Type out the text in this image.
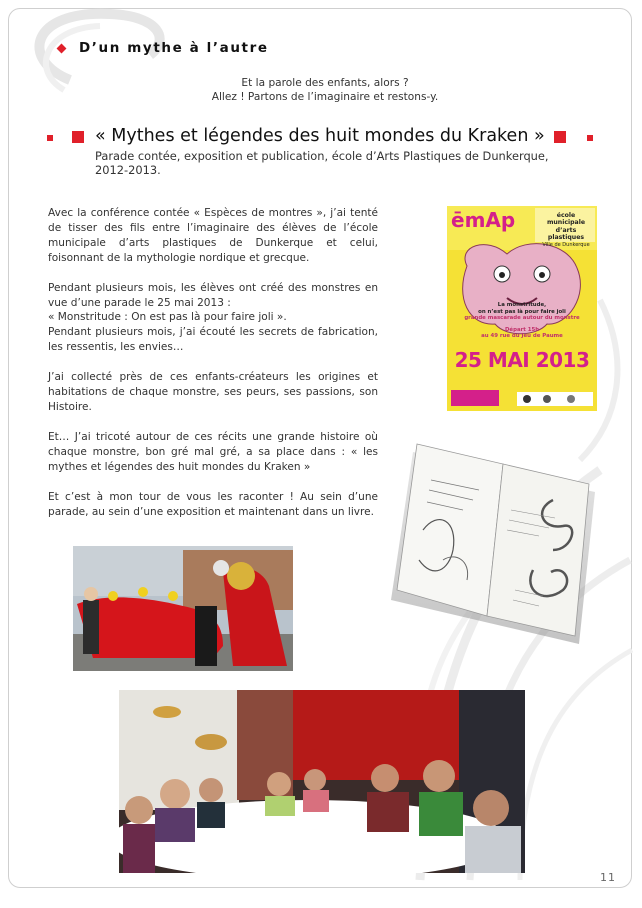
D’un mythe à l’autre
Et la parole des enfants, alors ?
Allez ! Partons de l’imaginaire et restons-y.
« Mythes et légendes des huit mondes du Kraken »
Parade contée, exposition et publication, école d’Arts Plastiques de Dunkerque,
2012-2013.

Avec la conférence contée « Espèces de montres », j’ai tenté de tisser des fils entre l’imaginaire des élèves de l’école municipale d’arts plastiques de Dunkerque et celui, foisonnant de la mythologie nordique et grecque.

Pendant plusieurs mois, les élèves ont créé des monstres en vue d’une parade le 25 mai 2013 :
« Monstritude : On est pas là pour faire joli ».
Pendant plusieurs mois, j’ai écouté les secrets de fabrication, les ressentis, les envies…

J’ai collecté près de ces enfants-créateurs les origines et habitations de chaque monstre, ses peurs, ses passions, son Histoire.

Et… J’ai tricoté autour de ces récits une grande histoire où chaque monstre, bon gré mal gré, a sa place dans : « les mythes et légendes des huit mondes du Kraken »

Et c’est à mon tour de vous les raconter ! Au sein d’une parade, au sein d’une exposition et maintenant dans un livre.

ēmAp	école municipale
d’arts plastiques
Ville de Dunkerque
La monstritude,
on n’est pas là pour faire joli
grande mascarade autour du monstre
Départ 15h
au 49 rue du Jeu de Paume
25 MAI 2013
11
